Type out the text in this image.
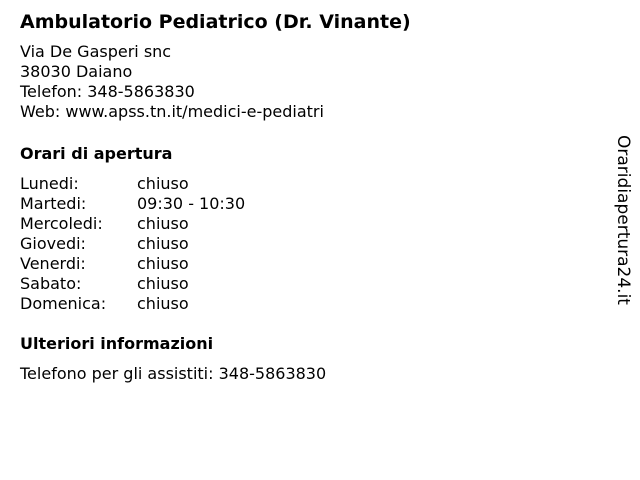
Ambulatorio Pediatrico (Dr. Vinante)
Via De Gasperi snc
38030 Daiano
Telefon: 348-5863830
Web: www.apss.tn.it/medici-e-pediatri
Orari di apertura
Lunedi:	chiuso
Martedi:	09:30 - 10:30
Mercoledi:	chiuso
Giovedi:	chiuso
Venerdi:	chiuso
Sabato:	chiuso
Domenica:	chiuso
Ulteriori informazioni
Telefono per gli assistiti: 348-5863830
Oraridiapertura24.it
